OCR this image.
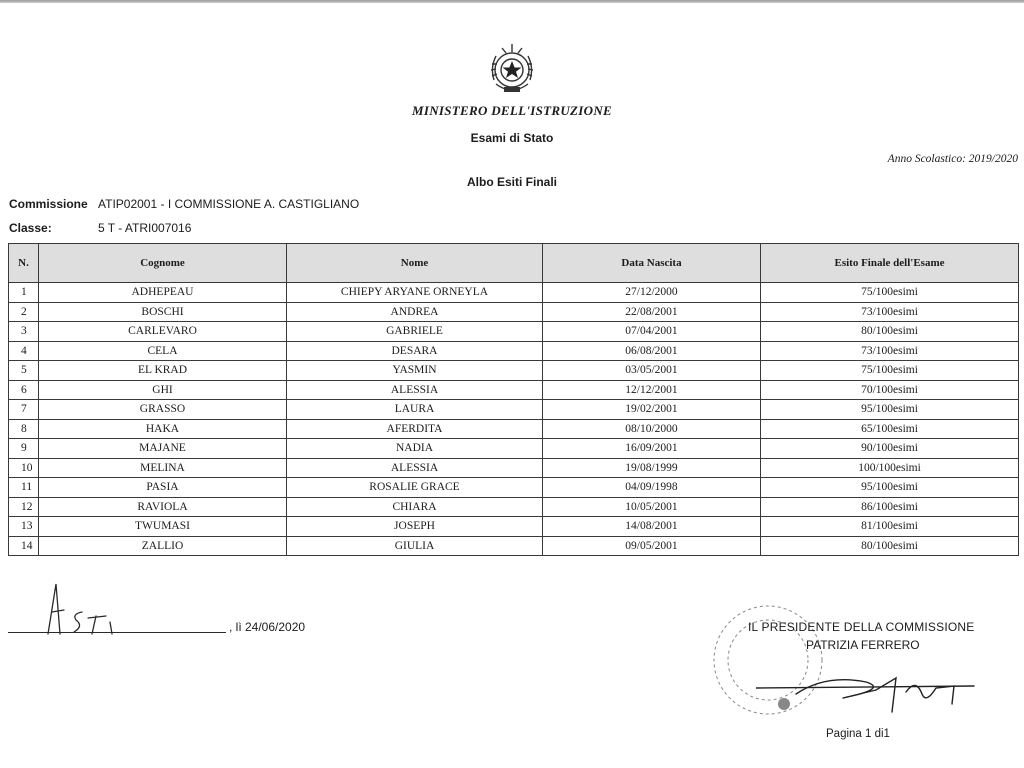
MINISTERO DELL'ISTRUZIONE
Esami di Stato
Anno Scolastico: 2019/2020
Albo Esiti Finali
Commissione ATIP02001 - I COMMISSIONE A. CASTIGLIANO
Classe:	5 T - ATRI007016
N.	Cognome	Nome	Data Nascita	Esito Finale dell'Esame
1	ADHEPEAU	CHIEPY ARYANE ORNEYLA	27/12/2000	75/100esimi
2	BOSCHI	ANDREA	22/08/2001	73/100esimi
3	CARLEVARO	GABRIELE	07/04/2001	80/100esimi
4	CELA	DESARA	06/08/2001	73/100esimi
5	EL KRAD	YASMIN	03/05/2001	75/100esimi
6	GHI	ALESSIA	12/12/2001	70/100esimi
7	GRASSO	LAURA	19/02/2001	95/100esimi
8	HAKA	AFERDITA	08/10/2000	65/100esimi
9	MAJANE	NADIA	16/09/2001	90/100esimi
10	MELINA	ALESSIA	19/08/1999	100/100esimi
11	PASIA	ROSALIE GRACE	04/09/1998	95/100esimi
12	RAVIOLA	CHIARA	10/05/2001	86/100esimi
13	TWUMASI	JOSEPH	14/08/2001	81/100esimi
14	ZALLIO	GIULIA	09/05/2001	80/100esimi
, lì 24/06/2020	IL PRESIDENTE DELLA COMMISSIONE
PATRIZIA FERRERO
Pagina 1 di1
